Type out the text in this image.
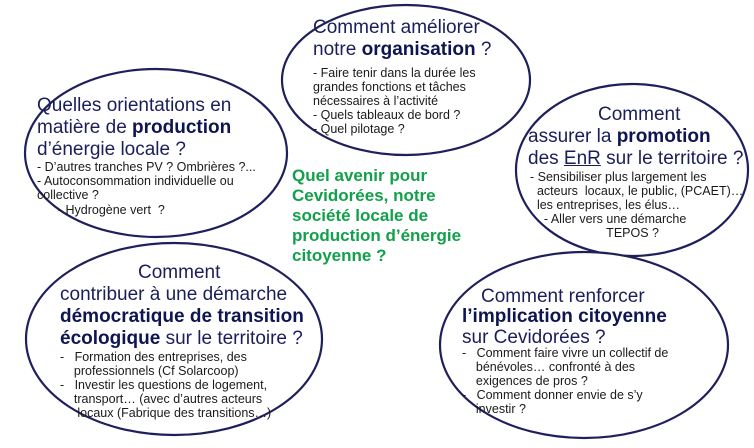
Comment améliorer
notre organisation ?
- Faire tenir dans la durée les
grandes fonctions et tâches
nécessaires à l’activité
- Quels tableaux de bord ?
- Quel pilotage ?
Quelles orientations en
matière de production
d’énergie locale ?
- D’autres tranches PV ? Ombrières ?...
- Autoconsommation individuelle ou
collective ?
- Hydrogène vert  ?
Comment
assurer la promotion
des EnR sur le territoire ?
- Sensibiliser plus largement les
acteurs  locaux, le public, (PCAET)…
les entreprises, les élus…
- Aller vers une démarche
TEPOS ?
Comment
contribuer à une démarche
démocratique de transition
écologique sur le territoire ?
-   Formation des entreprises, des
professionnels (Cf Solarcoop)
-   Investir les questions de logement,
transport… (avec d’autres acteurs
locaux (Fabrique des transitions…)
Comment renforcer
l’implication citoyenne
sur Cevidorées ?
-   Comment faire vivre un collectif de
bénévoles… confronté à des
exigences de pros ?
-   Comment donner envie de s’y
investir ?
Quel avenir pour
Cevidorées, notre
société locale de
production d’énergie
citoyenne ?
